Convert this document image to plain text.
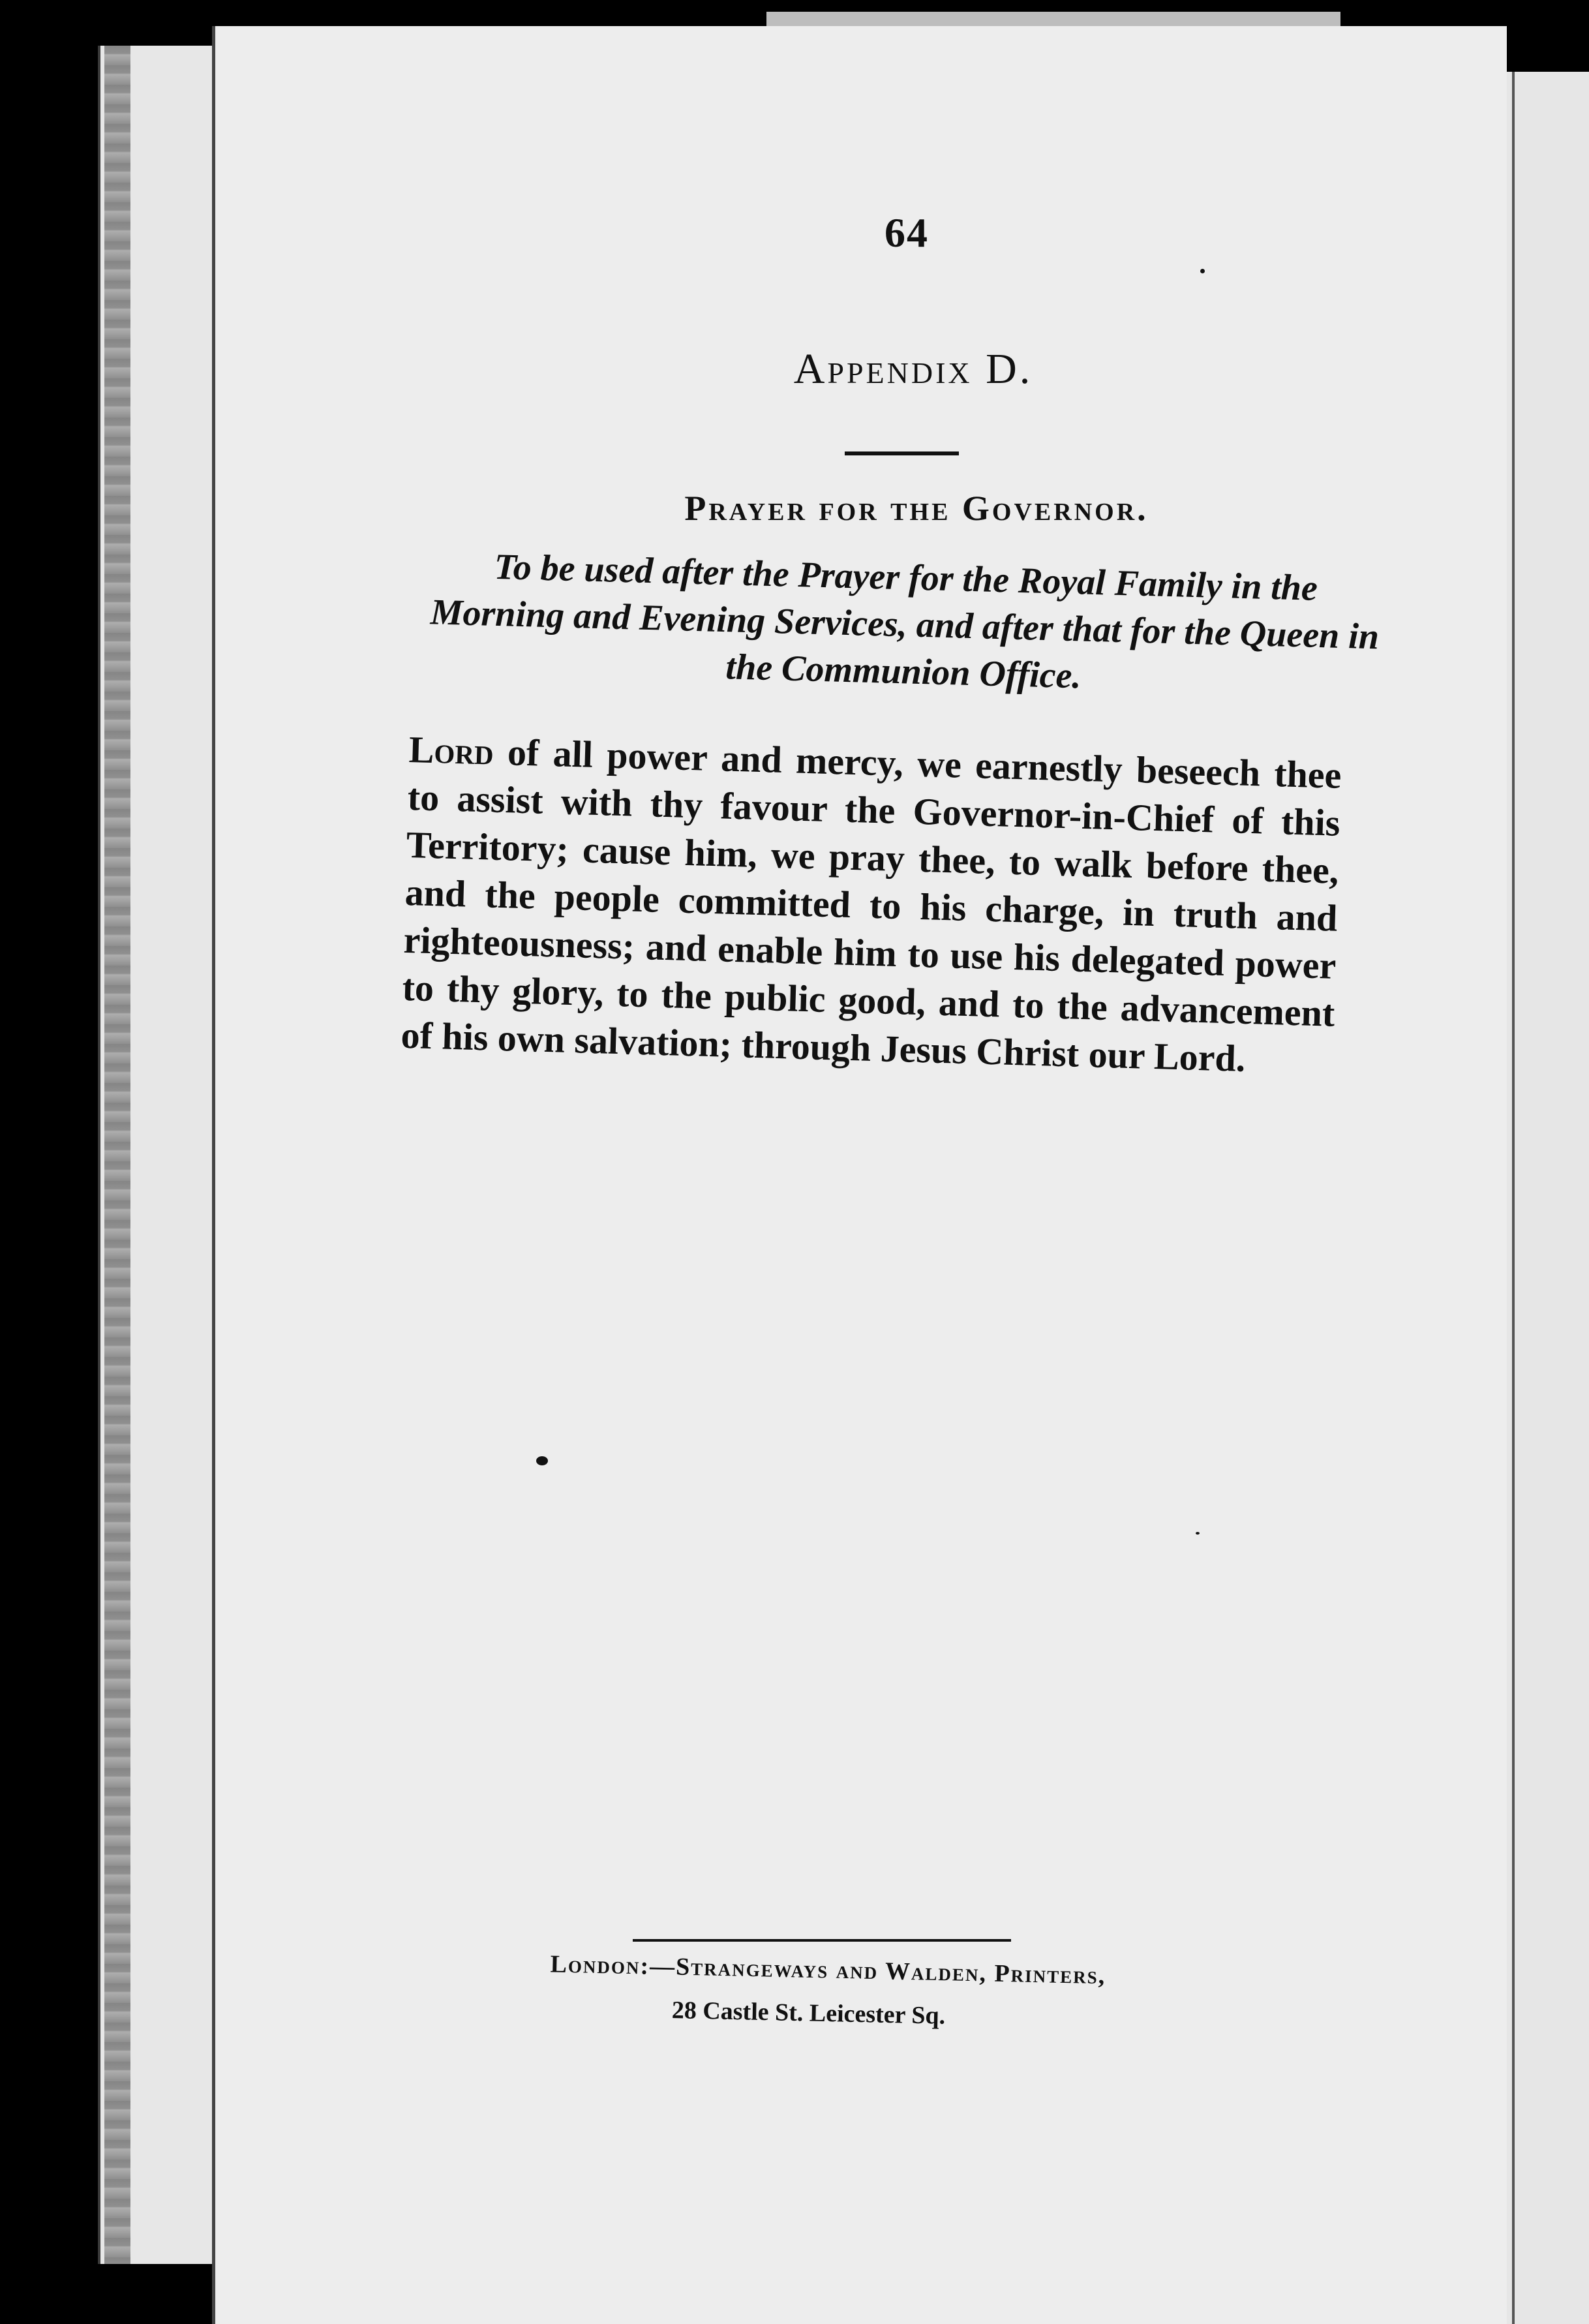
64
Appendix D.
Prayer for the Governor.
To be used after the Prayer for the Royal Family in the Morning and Evening Services, and after that for the Queen in the Communion Office.
Lord of all power and mercy, we earnestly beseech thee to assist with thy favour the Governor-in-Chief of this Territory; cause him, we pray thee, to walk before thee, and the people committed to his charge, in truth and righteousness; and enable him to use his delegated power to thy glory, to the public good, and to the advancement of his own salvation; through Jesus Christ our Lord.
London:—Strangeways and Walden, Printers,
28 Castle St. Leicester Sq.
